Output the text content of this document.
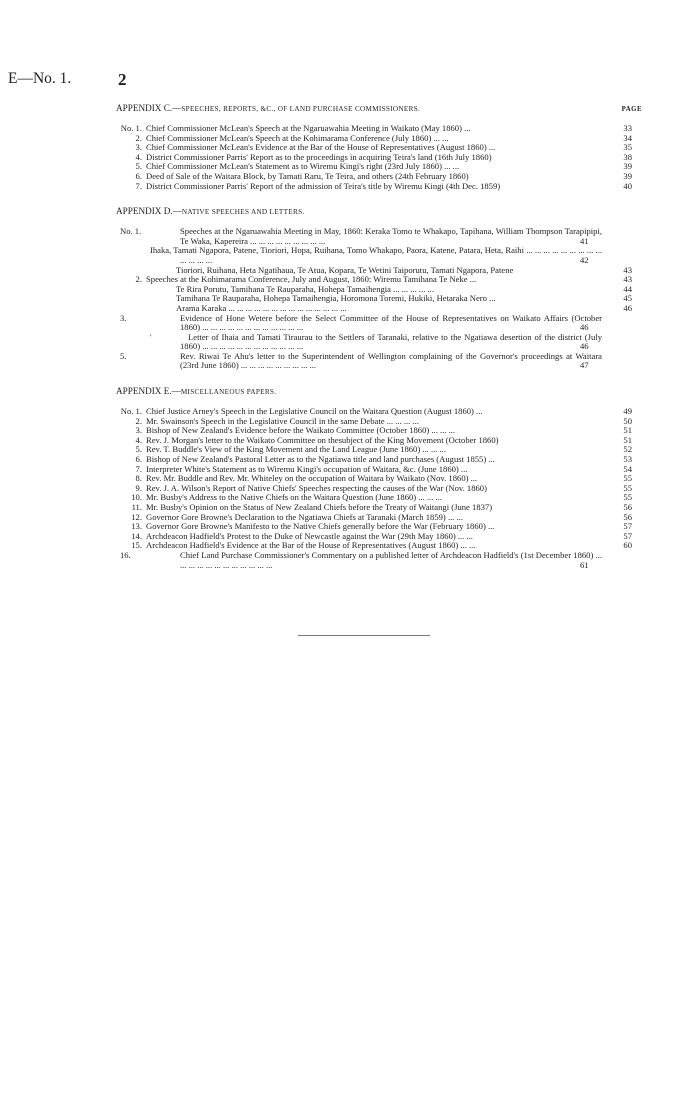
E—No. 1.	2
APPENDIX C.—SPEECHES, REPORTS, &C., OF LAND PURCHASE COMMISSIONERS.	PAGE
No. 1. Chief Commissioner McLean's Speech at the Ngaruawahia Meeting in Waikato (May 1860) ...	33
2. Chief Commissioner McLean's Speech at the Kohimarama Conference (July 1860) ... ...	34
3. Chief Commissioner McLean's Evidence at the Bar of the House of Representatives (August 1860) ...	35
4. District Commissioner Parris' Report as to the proceedings in acquiring Teira's land (16th July 1860)	38
5. Chief Commissioner McLean's Statement as to Wiremu Kingi's right (23rd July 1860) ... ...	39
6. Deed of Sale of the Waitara Block, by Tamati Raru, Te Teira, and others (24th February 1860)	39
7. District Commissioner Parris' Report of the admission of Teira's title by Wiremu Kingi (4th Dec. 1859)	40
APPENDIX D.—NATIVE SPEECHES AND LETTERS.
No. 1.	Speeches at the Ngaruawahia Meeting in May, 1860: Keraka Tomo te Whakapo, Tapihana, William Thompson Tarapipipi, Te Waka, Kapereira ... ... ... ... ... ... ... ... ...	41
Ihaka, Tamati Ngapora, Patene, Tioriori, Hopa, Ruihana, Tomo Whakapo, Paora, Katene, Patara, Heta, Raihi ... ... ... ... ... ... ... ... ... ... ... ... ...	42
Tioriori, Ruihana, Heta Ngatihaua, Te Atua, Kopara, Te Wetini Taiporutu, Tamati Ngapora, Patene	43
2. Speeches at the Kohimarama Conference, July and August, 1860: Wiremu Tamihana Te Neke ...	43
Te Rira Porutu, Tamihana Te Rauparaha, Hohepa Tamaihengia ... ... ... ... ...	44
Tamihana Te Rauparaha, Hohepa Tamaihengia, Horomona Toremi, Hukiki, Hetaraka Nero ...	45
Arama Karaka ... ... ... ... ... ... ... ... ... ... ... ... ... ...	46
3.	Evidence of Hone Wetere before the Select Committee of the House of Representatives on Waikato Affairs (October 1860) ... ... ... ... ... ... ... ... ... ... ... ...	46
'	Letter of Ihaia and Tamati Tiraurau to the Settlers of Taranaki, relative to the Ngatiawa desertion of the district (July 1860) ... ... ... ... ... ... ... ... ... ... ... ...	46
5.	Rev. Riwai Te Ahu's letter to the Superintendent of Wellington complaining of the Governor's proceedings at Waitara (23rd June 1860) ... ... ... ... ... ... ... ... ...	47
APPENDIX E.—MISCELLANEOUS PAPERS.
No. 1. Chief Justice Arney's Speech in the Legislative Council on the Waitara Question (August 1860) ...	49
2. Mr. Swainson's Speech in the Legislative Council in the same Debate ... ... ... ...	50
3. Bishop of New Zealand's Evidence before the Waikato Committee (October 1860) ... ... ...	51
4. Rev. J. Morgan's letter to the Waikato Committee on thesubject of the King Movement (October 1860)	51
5. Rev. T. Buddle's View of the King Movement and the Land League (June 1860) ... ... ...	52
6. Bishop of New Zealand's Pastoral Letter as to the Ngatiawa title and land purchases (August 1855) ...	53
7. Interpreter White's Statement as to Wiremu Kingi's occupation of Waitara, &c. (June 1860) ...	54
8. Rev. Mr. Buddle and Rev. Mr. Whiteley on the occupation of Waitara by Waikato (Nov. 1860) ...	55
9. Rev. J. A. Wilson's Report of Native Chiefs' Speeches respecting the causes of the War (Nov. 1860)	55
10. Mr. Busby's Address to the Native Chiefs on the Waitara Question (June 1860) ... ... ...	55
11. Mr. Busby's Opinion on the Status of New Zealand Chiefs before the Treaty of Waitangi (June 1837)	56
12. Governor Gore Browne's Declaration to the Ngatiawa Chiefs at Taranaki (March 1859) ... ...	56
13. Governor Gore Browne's Manifesto to the Native Chiefs generally before the War (February 1860) ...	57
14. Archdeacon Hadfield's Protest to the Duke of Newcastle against the War (29th May 1860) ... ...	57
15. Archdeacon Hadfield's Evidence at the Bar of the House of Representatives (August 1860) ... ...	60
16.	Chief Land Purchase Commissioner's Commentary on a published letter of Archdeacon Hadfield's (1st December 1860) ... ... ... ... ... ... ... ... ... ... ... ...	61
